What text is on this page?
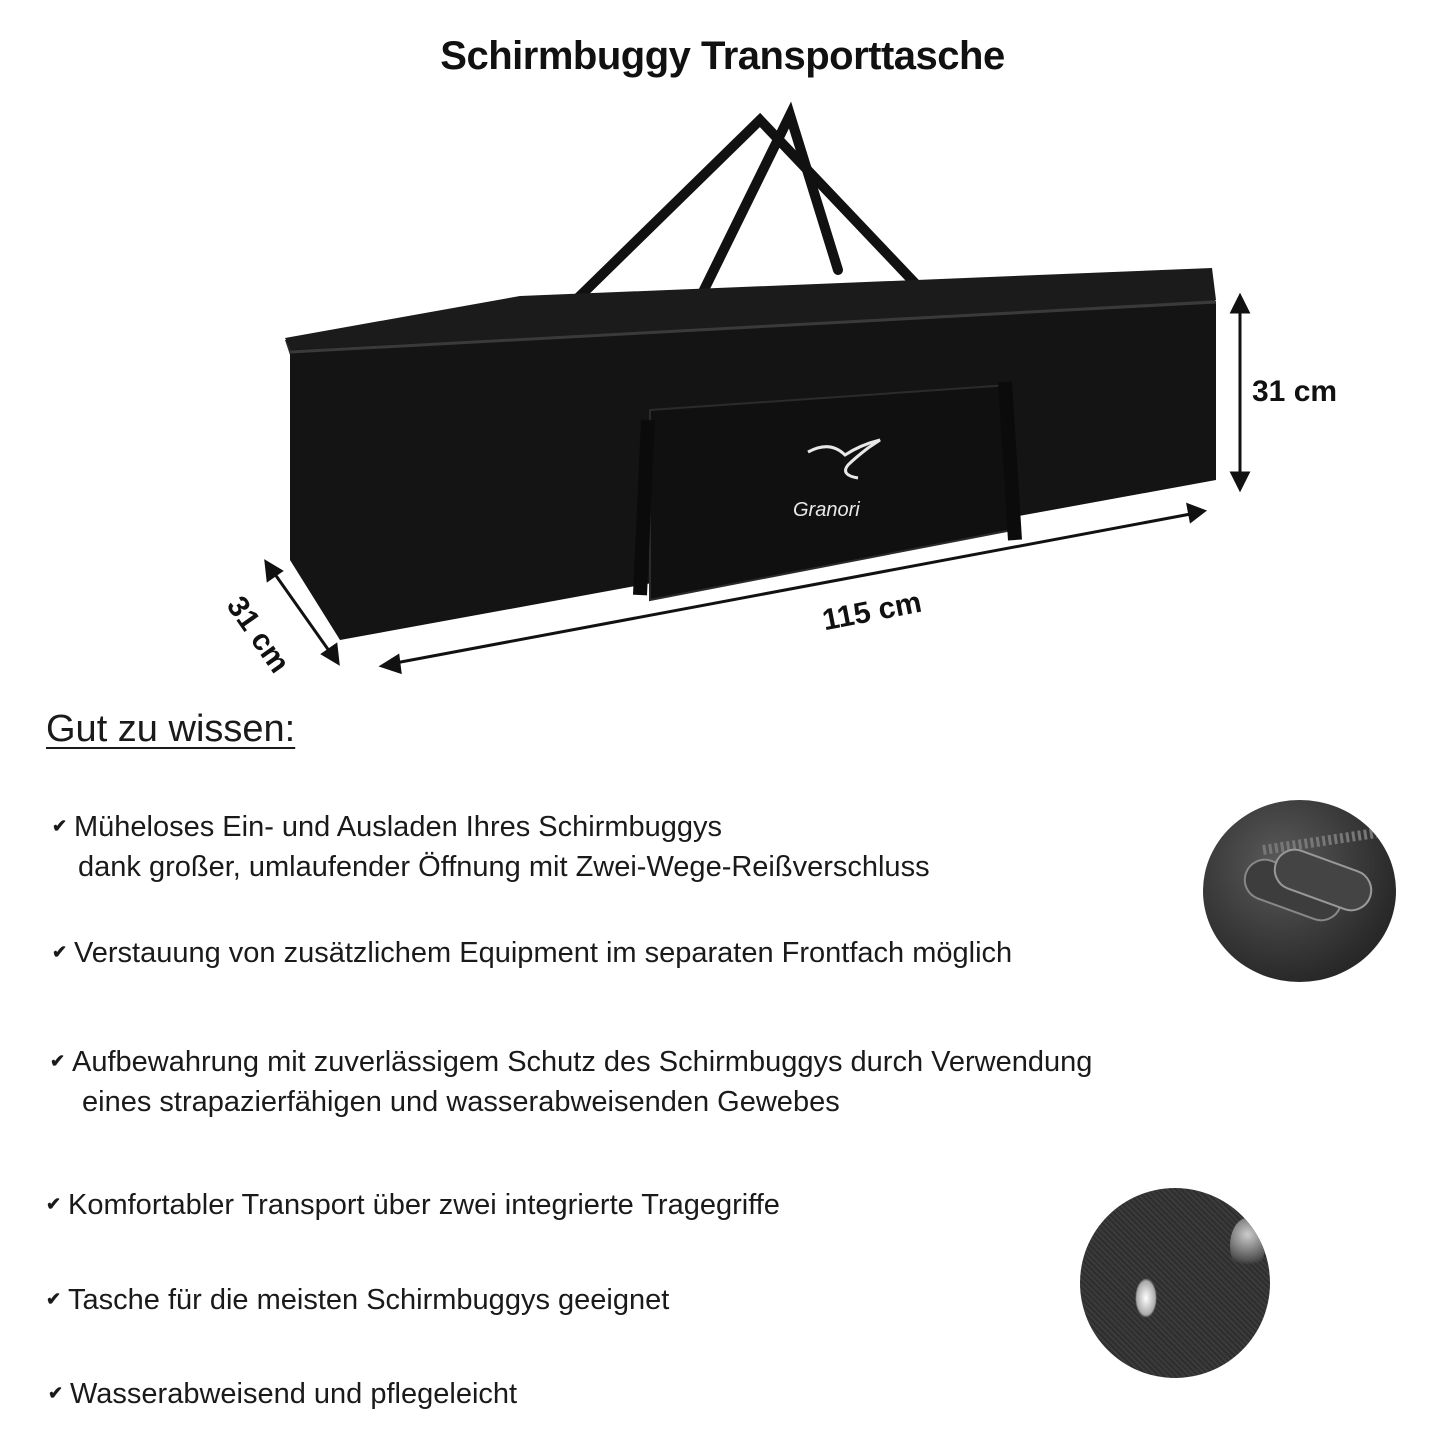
Schirmbuggy Transporttasche
Granori
31 cm
115 cm
31 cm
Gut zu wissen:
✔ Müheloses Ein- und Ausladen Ihres Schirmbuggys
dank großer, umlaufender Öffnung mit Zwei-Wege-Reißverschluss
✔ Verstauung von zusätzlichem Equipment im separaten Frontfach möglich
✔ Aufbewahrung mit zuverlässigem Schutz des Schirmbuggys durch Verwendung
eines strapazierfähigen und wasserabweisenden Gewebes
✔ Komfortabler Transport über zwei integrierte Tragegriffe
✔ Tasche für die meisten Schirmbuggys geeignet
✔ Wasserabweisend und pflegeleicht
